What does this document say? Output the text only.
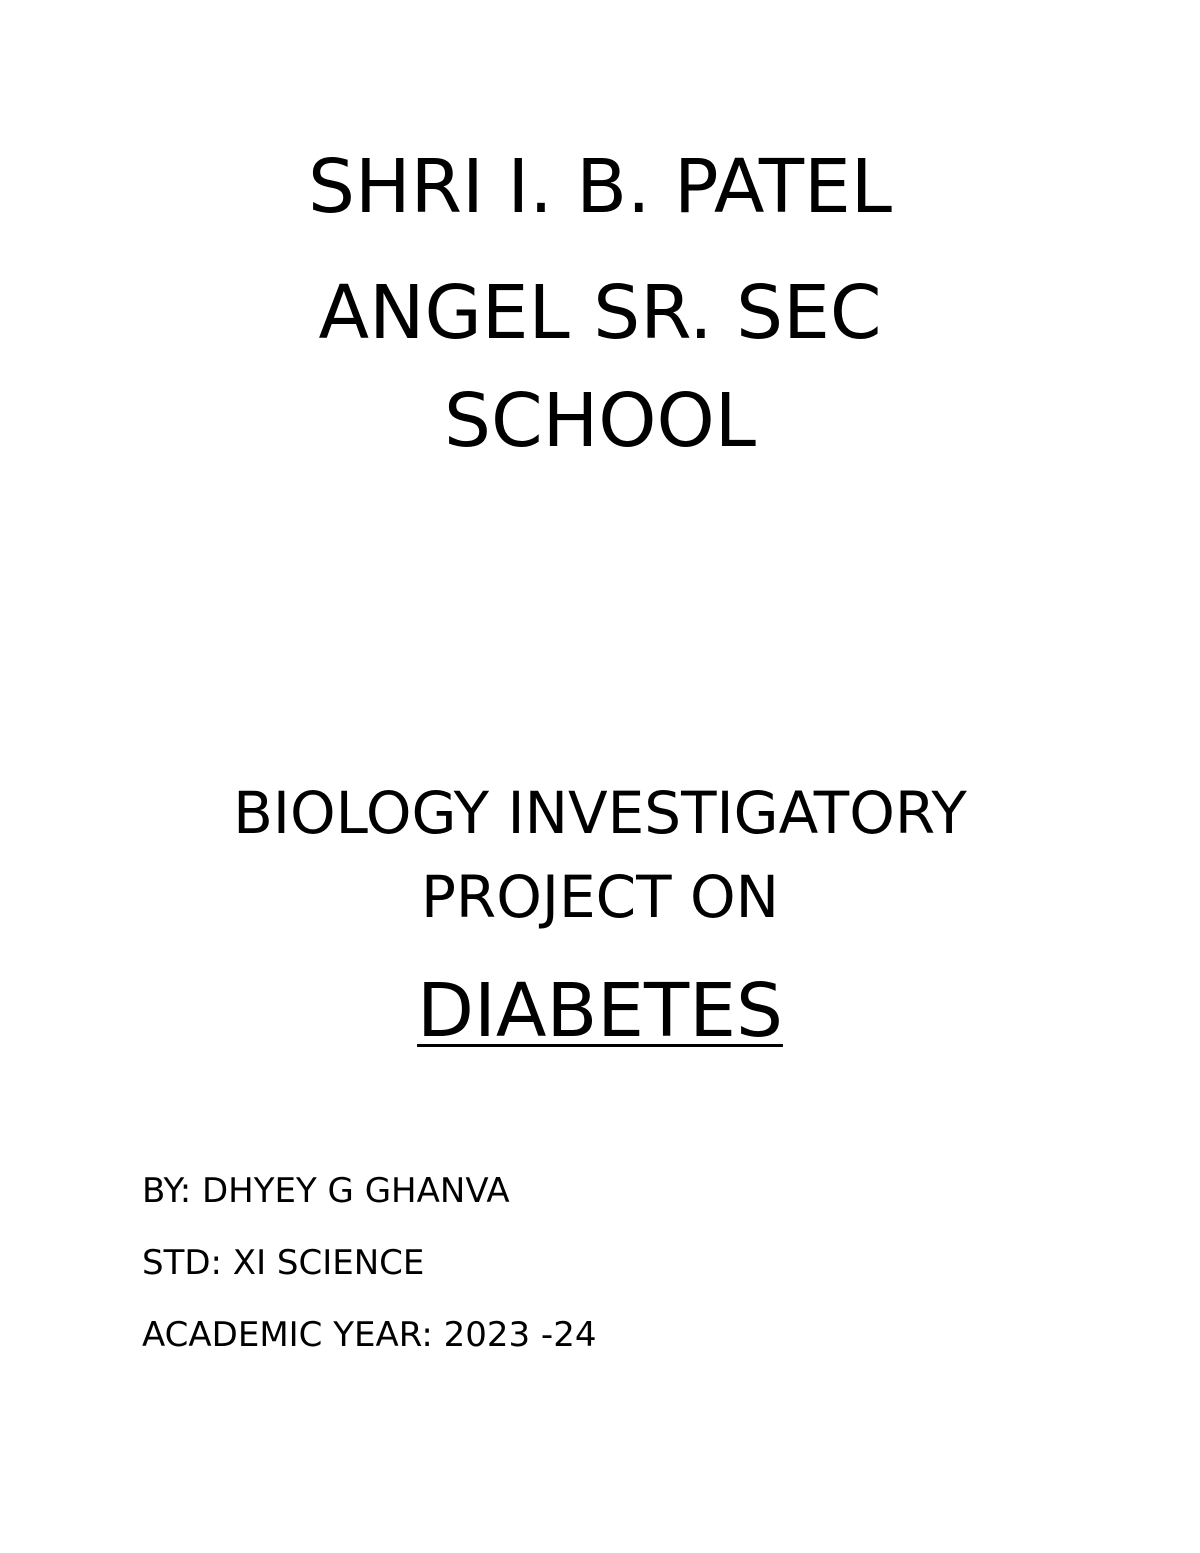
SHRI I. B. PATEL
ANGEL SR. SEC
SCHOOL
BIOLOGY INVESTIGATORY
PROJECT ON
DIABETES
BY: DHYEY G GHANVA
STD: XI SCIENCE
ACADEMIC YEAR: 2023 -24
